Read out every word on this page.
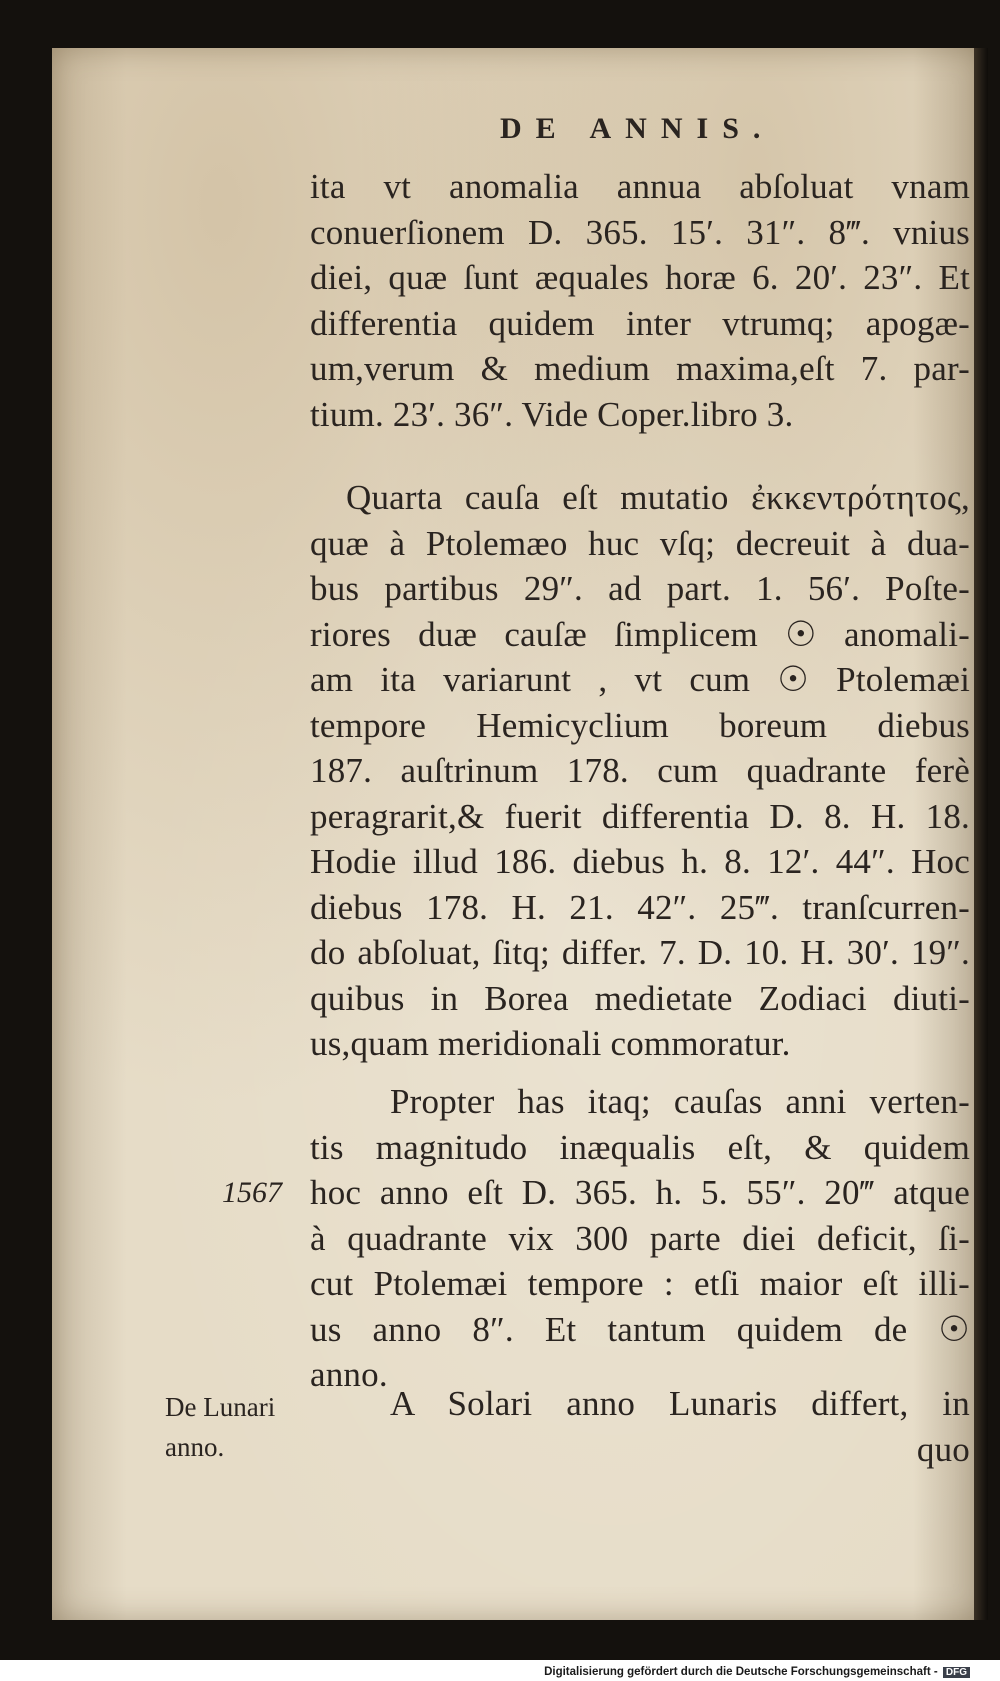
DE ANNIS.
ita vt anomalia annua abſoluat vnam
conuerſionem D. 365. 15′. 31″. 8‴. vnius
diei, quæ ſunt æquales horæ 6. 20′. 23″. Et
differentia quidem inter vtrumq; apogæ-
um,verum & medium maxima,eſt 7. par-
tium. 23′. 36″. Vide Coper.libro 3.
Quarta cauſa eſt mutatio ἐκκεντρότητος,
quæ à Ptolemæo huc vſq; decreuit à dua-
bus partibus 29″. ad part. 1. 56′. Poſte-
riores duæ cauſæ ſimplicem ☉ anomali-
am ita variarunt , vt cum ☉ Ptolemæi
tempore Hemicyclium boreum diebus
187. auſtrinum 178. cum quadrante ferè
peragrarit,& fuerit differentia D. 8. H. 18.
Hodie illud 186. diebus h. 8. 12′. 44″. Hoc
diebus 178. H. 21. 42″. 25‴. tranſcurren-
do abſoluat, ſitq; differ. 7. D. 10. H. 30′. 19″.
quibus in Borea medietate Zodiaci diuti-
us,quam meridionali commoratur.
Propter has itaq; cauſas anni verten-
tis magnitudo inæqualis eſt, & quidem
hoc anno eſt D. 365. h. 5. 55″. 20‴ atque
à quadrante vix 300 parte diei deficit, ſi-
cut Ptolemæi tempore : etſi maior eſt illi-
us anno 8″. Et tantum quidem de ☉
anno.
A Solari anno Lunaris differt, in
quo
1567
De Lunari
anno.
Digitalisierung gefördert durch die Deutsche Forschungsgemeinschaft - DFG
